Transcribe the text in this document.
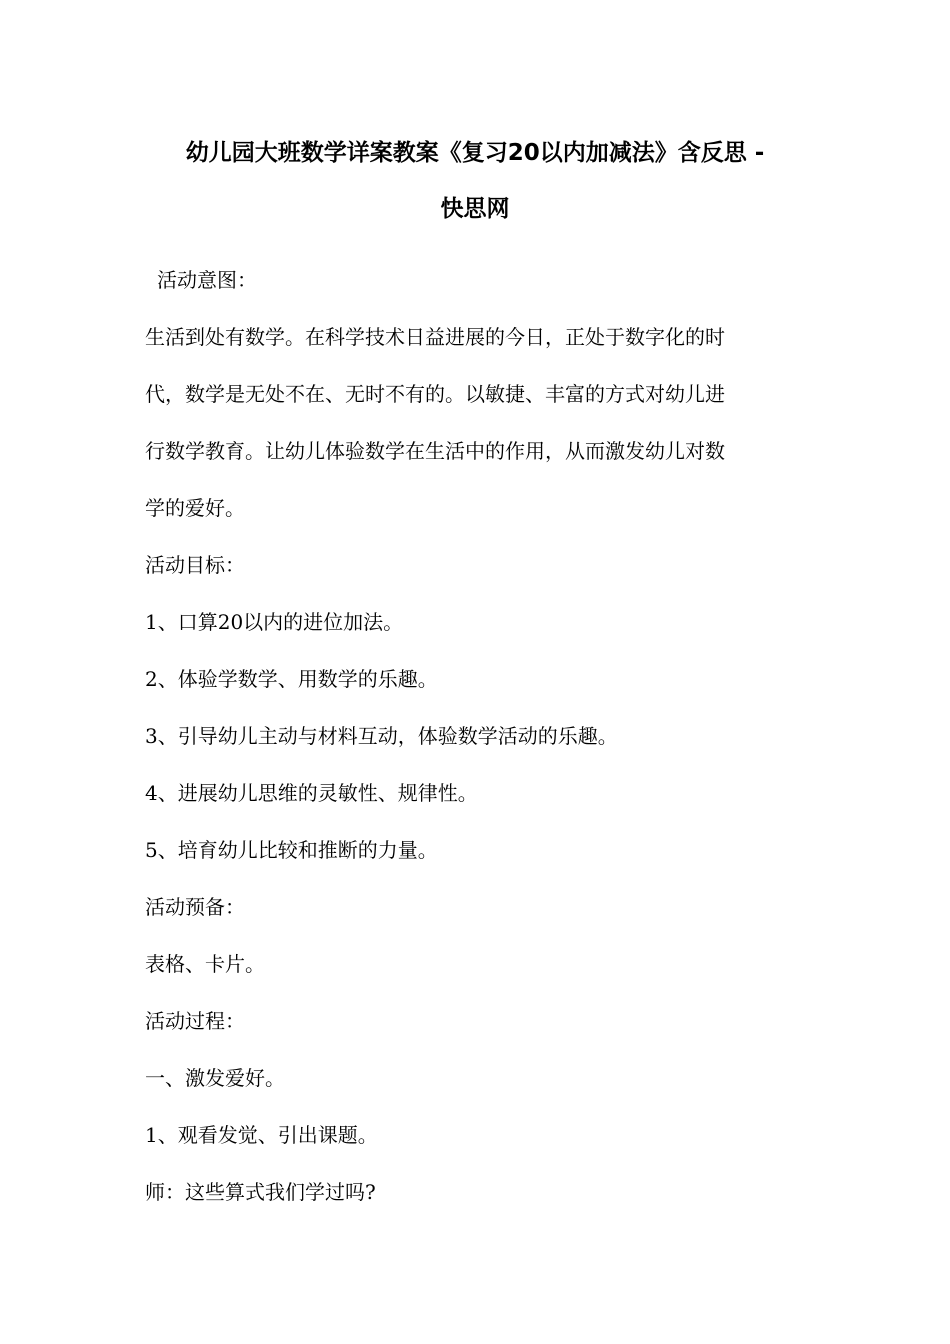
幼儿园大班数学详案教案《复习20以内加减法》含反思 -
快思网
活动意图：
生活到处有数学。在科学技术日益进展的今日，正处于数字化的时
代，数学是无处不在、无时不有的。以敏捷、丰富的方式对幼儿进
行数学教育。让幼儿体验数学在生活中的作用，从而激发幼儿对数
学的爱好。
活动目标：
1、口算20以内的进位加法。
2、体验学数学、用数学的乐趣。
3、引导幼儿主动与材料互动，体验数学活动的乐趣。
4、进展幼儿思维的灵敏性、规律性。
5、培育幼儿比较和推断的力量。
活动预备：
表格、卡片。
活动过程：
一、激发爱好。
1、观看发觉、引出课题。
师：这些算式我们学过吗?
